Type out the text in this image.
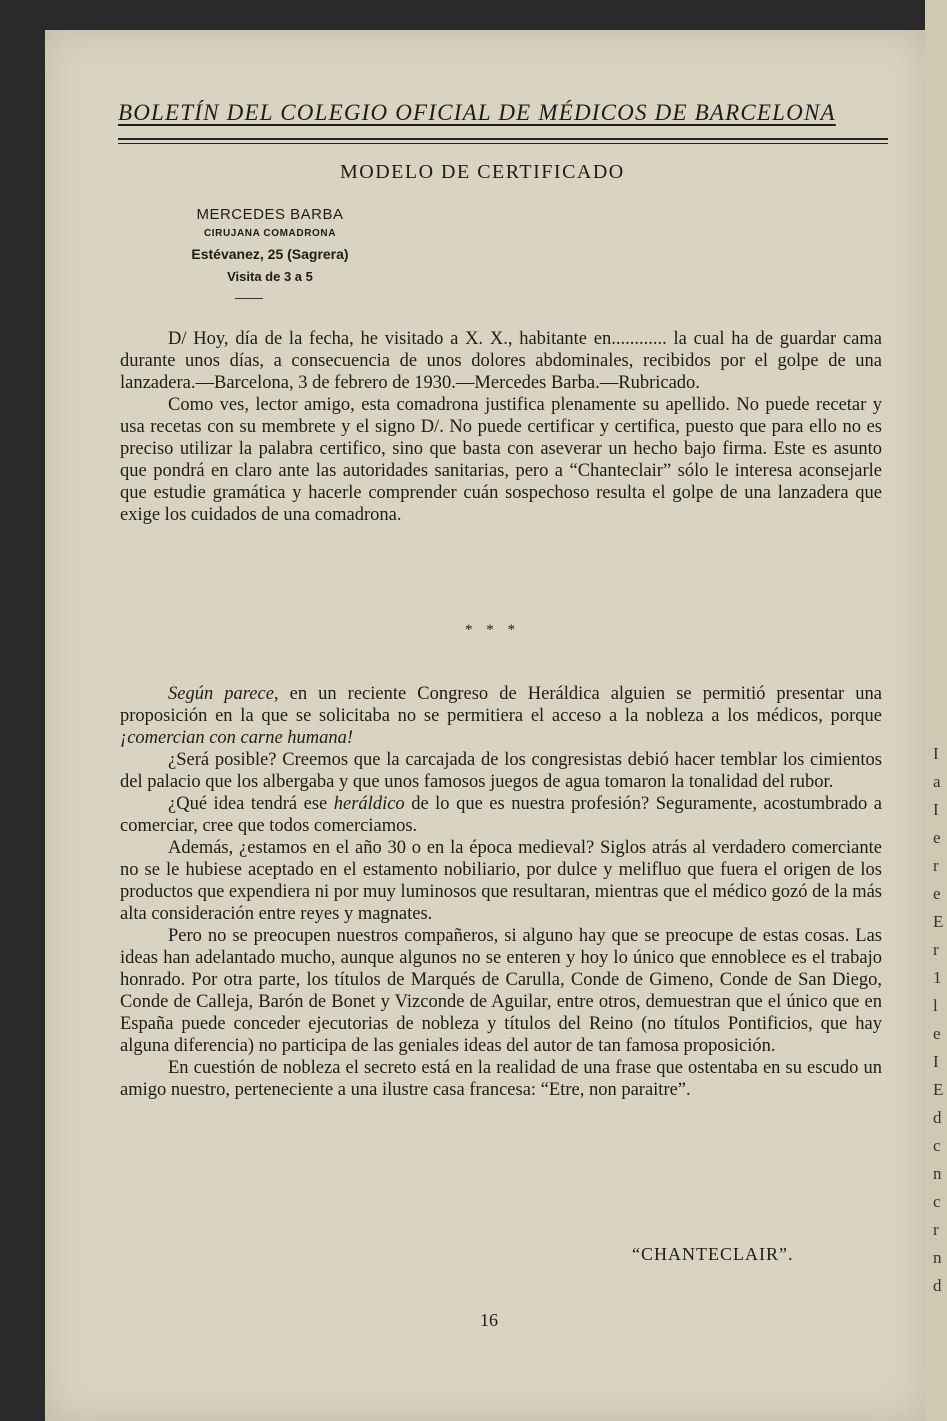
I a I e r e E r 1 l e I E d c n c r n d
BOLETÍN DEL COLEGIO OFICIAL DE MÉDICOS DE BARCELONA
MODELO DE CERTIFICADO
MERCEDES BARBA
CIRUJANA COMADRONA
Estévanez, 25 (Sagrera)
Visita de 3 a 5

D/ Hoy, día de la fecha, he visitado a X. X., habitante en............ la cual ha de guardar cama durante unos días, a consecuencia de unos dolores abdominales, recibidos por el golpe de una lanzadera.—Barcelona, 3 de febrero de 1930.—Mercedes Barba.—Rubricado.

Como ves, lector amigo, esta comadrona justifica plenamente su apellido. No puede recetar y usa recetas con su membrete y el signo D/. No puede certificar y certifica, puesto que para ello no es preciso utilizar la palabra certifico, sino que basta con aseverar un hecho bajo firma. Este es asunto que pondrá en claro ante las autoridades sanitarias, pero a “Chanteclair” sólo le interesa aconsejarle que estudie gramática y hacerle comprender cuán sospechoso resulta el golpe de una lanzadera que exige los cuidados de una comadrona.

* * *

Según parece, en un reciente Congreso de Heráldica alguien se permitió presentar una proposición en la que se solicitaba no se permitiera el acceso a la nobleza a los médicos, porque ¡comercian con carne humana!

¿Será posible? Creemos que la carcajada de los congresistas debió hacer temblar los cimientos del palacio que los albergaba y que unos famosos juegos de agua tomaron la tonalidad del rubor.

¿Qué idea tendrá ese heráldico de lo que es nuestra profesión? Seguramente, acostumbrado a comerciar, cree que todos comerciamos.

Además, ¿estamos en el año 30 o en la época medieval? Siglos atrás al verdadero comerciante no se le hubiese aceptado en el estamento nobiliario, por dulce y melifluo que fuera el origen de los productos que expendiera ni por muy luminosos que resultaran, mientras que el médico gozó de la más alta consideración entre reyes y magnates.

Pero no se preocupen nuestros compañeros, si alguno hay que se preocupe de estas cosas. Las ideas han adelantado mucho, aunque algunos no se enteren y hoy lo único que ennoblece es el trabajo honrado. Por otra parte, los títulos de Marqués de Carulla, Conde de Gimeno, Conde de San Diego, Conde de Calleja, Barón de Bonet y Vizconde de Aguilar, entre otros, demuestran que el único que en España puede conceder ejecutorias de nobleza y títulos del Reino (no títulos Pontificios, que hay alguna diferencia) no participa de las geniales ideas del autor de tan famosa proposición.

En cuestión de nobleza el secreto está en la realidad de una frase que ostentaba en su escudo un amigo nuestro, perteneciente a una ilustre casa francesa: “Etre, non paraitre”.

“CHANTECLAIR”.
16
